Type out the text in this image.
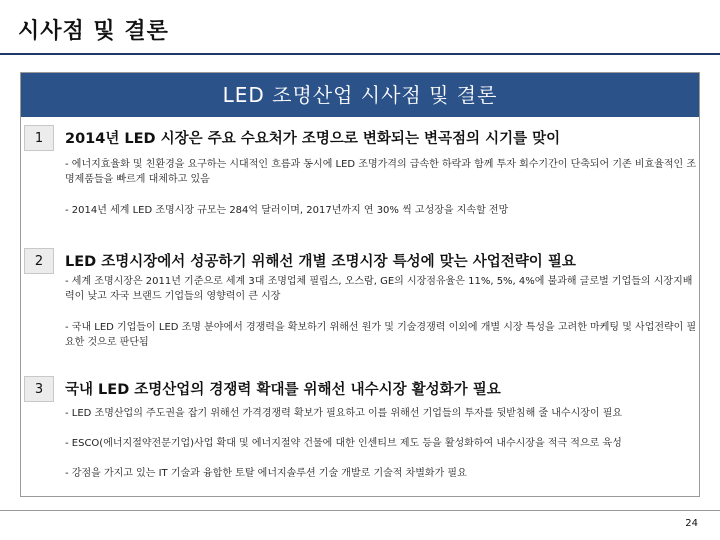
시사점 및 결론
LED 조명산업 시사점 및 결론
1	2014년 LED 시장은 주요 수요처가 조명으로 변화되는 변곡점의 시기를 맞이
- 에너지효율화 및 친환경을 요구하는 시대적인 흐름과 동시에 LED 조명가격의 급속한 하락과 함께 투자 회수기간이 단축되어 기존 비효율적인 조명제품들을 빠르게 대체하고 있음
- 2014년 세계 LED 조명시장 규모는 284억 달러이며, 2017년까지 연 30% 씩 고성장을 지속할 전망
2	LED 조명시장에서 성공하기 위해선 개별 조명시장 특성에 맞는 사업전략이 필요
- 세계 조명시장은 2011년 기준으로 세계 3대 조명업체 필립스, 오스람, GE의 시장점유율은 11%, 5%, 4%에 불과해 글로벌 기업들의 시장지배력이 낮고 자국 브랜드 기업들의 영향력이 큰 시장
- 국내 LED 기업들이 LED 조명 분야에서 경쟁력을 확보하기 위해선 원가 및 기술경쟁력 이외에 개별 시장 특성을 고려한 마케팅 및 사업전략이 필요한 것으로 판단됨
3	국내 LED 조명산업의 경쟁력 확대를 위해선 내수시장 활성화가 필요
- LED 조명산업의 주도권을 잡기 위해선 가격경쟁력 확보가 필요하고 이를 위해선 기업들의 투자를 뒷받침해 줄 내수시장이 필요
- ESCO(에너지절약전문기업)사업 확대 및 에너지절약 건물에 대한 인센티브 제도 등을 활성화하여 내수시장을 적극 적으로 육성
- 강점을 가지고 있는 IT 기술과 융합한 토탈 에너지솔루션 기술 개발로 기술적 차별화가 필요
24
